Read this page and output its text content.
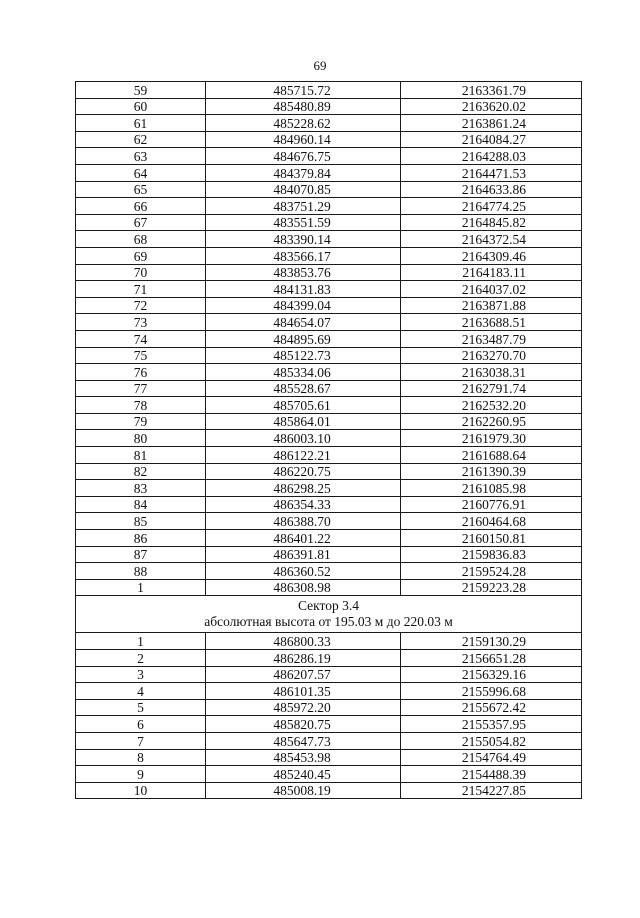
69
59	485715.72	2163361.79
60	485480.89	2163620.02
61	485228.62	2163861.24
62	484960.14	2164084.27
63	484676.75	2164288.03
64	484379.84	2164471.53
65	484070.85	2164633.86
66	483751.29	2164774.25
67	483551.59	2164845.82
68	483390.14	2164372.54
69	483566.17	2164309.46
70	483853.76	2164183.11
71	484131.83	2164037.02
72	484399.04	2163871.88
73	484654.07	2163688.51
74	484895.69	2163487.79
75	485122.73	2163270.70
76	485334.06	2163038.31
77	485528.67	2162791.74
78	485705.61	2162532.20
79	485864.01	2162260.95
80	486003.10	2161979.30
81	486122.21	2161688.64
82	486220.75	2161390.39
83	486298.25	2161085.98
84	486354.33	2160776.91
85	486388.70	2160464.68
86	486401.22	2160150.81
87	486391.81	2159836.83
88	486360.52	2159524.28
1	486308.98	2159223.28

Сектор 3.4
абсолютная высота от 195.03 м до 220.03 м		

1	486800.33	2159130.29
2	486286.19	2156651.28
3	486207.57	2156329.16
4	486101.35	2155996.68
5	485972.20	2155672.42
6	485820.75	2155357.95
7	485647.73	2155054.82
8	485453.98	2154764.49
9	485240.45	2154488.39
10	485008.19	2154227.85
